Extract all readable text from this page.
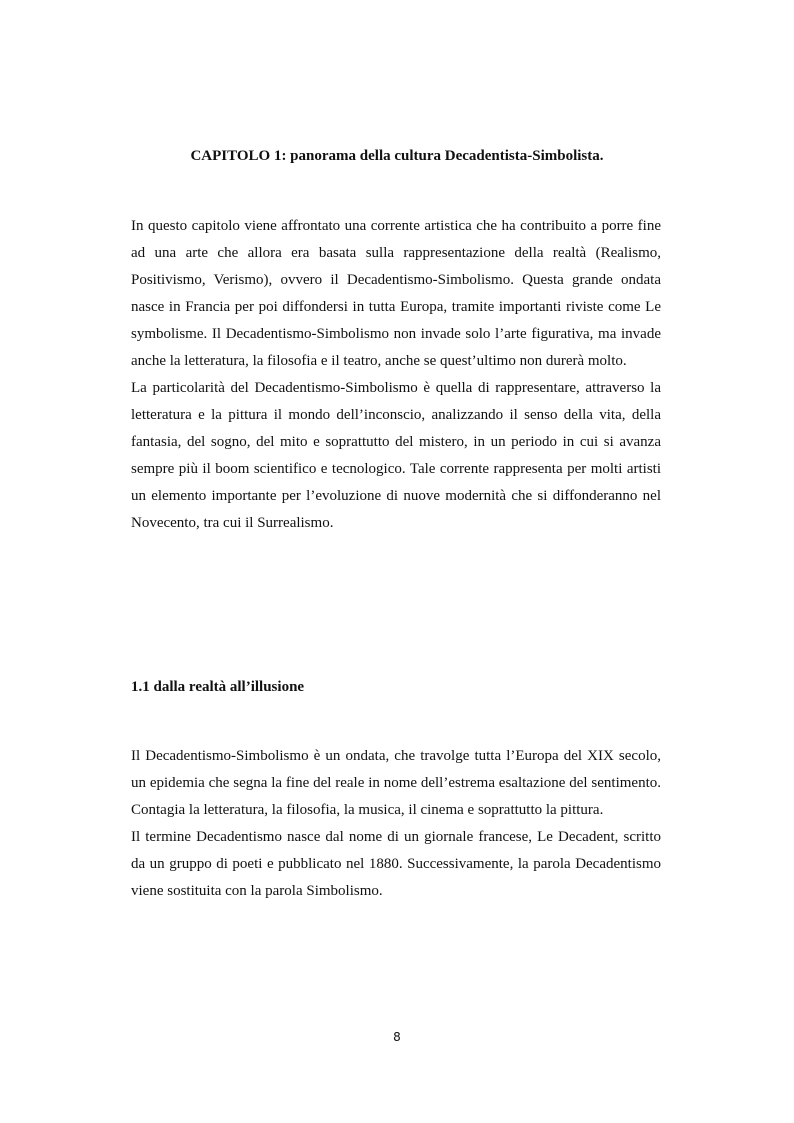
CAPITOLO 1: panorama della cultura Decadentista-Simbolista.

In questo capitolo viene affrontato una corrente artistica che ha contribuito a porre fine ad una arte che allora era basata sulla rappresentazione della realtà (Realismo, Positivismo, Verismo), ovvero il Decadentismo-Simbolismo. Questa grande ondata nasce in Francia per poi diffondersi in tutta Europa, tramite importanti riviste come Le symbolisme. Il Decadentismo-Simbolismo non invade solo l’arte figurativa, ma invade anche la letteratura, la filosofia e il teatro, anche se quest’ultimo non durerà molto.

La particolarità del Decadentismo-Simbolismo è quella di rappresentare, attraverso la letteratura e la pittura il mondo dell’inconscio, analizzando il senso della vita, della fantasia, del sogno, del mito e soprattutto del mistero, in un periodo in cui si avanza sempre più il boom scientifico e tecnologico. Tale corrente rappresenta per molti artisti un elemento importante per l’evoluzione di nuove modernità che si diffonderanno nel Novecento, tra cui il Surrealismo.

1.1 dalla realtà all’illusione

Il Decadentismo-Simbolismo è un ondata, che travolge tutta l’Europa del XIX secolo, un epidemia che segna la fine del reale in nome dell’estrema esaltazione del sentimento. Contagia la letteratura, la filosofia, la musica, il cinema e soprattutto la pittura.

Il termine Decadentismo nasce dal nome di un giornale francese, Le Decadent, scritto da un gruppo di poeti e pubblicato nel 1880. Successivamente, la parola Decadentismo viene sostituita con la parola Simbolismo.

8
